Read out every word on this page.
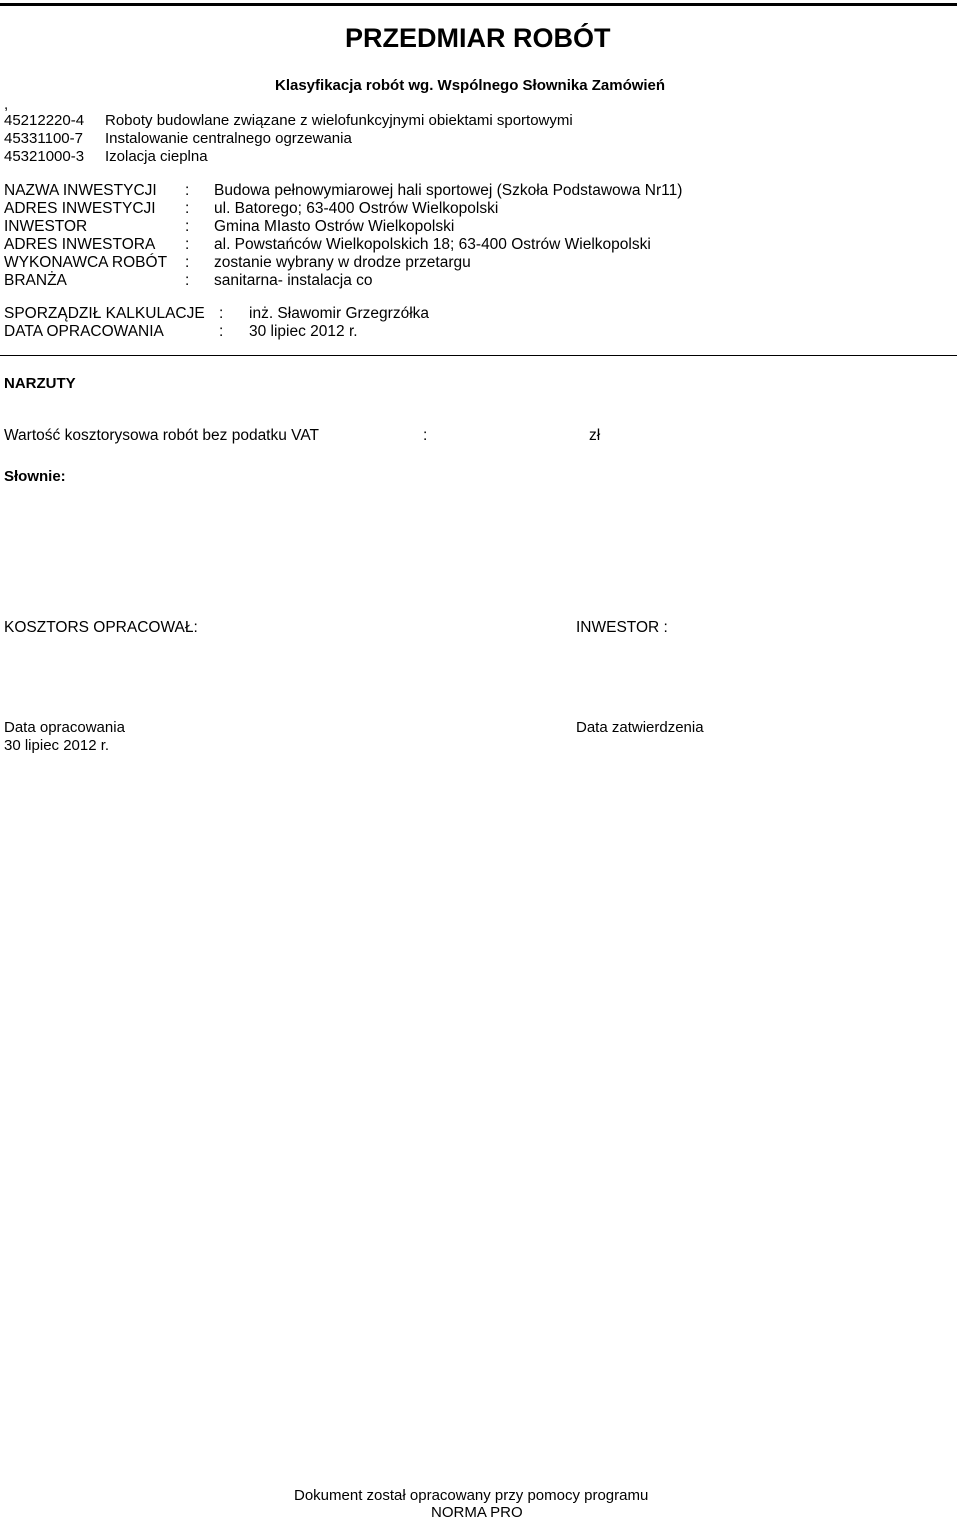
PRZEDMIAR ROBÓT
Klasyfikacja robót wg. Wspólnego Słownika Zamówień
,
45212220-4 Roboty budowlane związane z wielofunkcyjnymi obiektami sportowymi
45331100-7 Instalowanie centralnego ogrzewania
45321000-3 Izolacja cieplna
NAZWA INWESTYCJI : Budowa pełnowymiarowej hali sportowej (Szkoła Podstawowa Nr11)
ADRES INWESTYCJI : ul. Batorego; 63-400 Ostrów Wielkopolski
INWESTOR	: Gmina MIasto Ostrów Wielkopolski
ADRES INWESTORA : al. Powstańców Wielkopolskich 18; 63-400 Ostrów Wielkopolski
WYKONAWCA ROBÓT : zostanie wybrany w drodze przetargu
BRANŻA	: sanitarna- instalacja co
SPORZĄDZIŁ KALKULACJE : inż. Sławomir Grzegrzółka
DATA OPRACOWANIA	: 30 lipiec 2012 r.
NARZUTY
Wartość kosztorysowa robót bez podatku VAT	:	zł
Słownie:
KOSZTORS OPRACOWAŁ:	INWESTOR :
Data opracowania
30 lipiec 2012 r.
Data zatwierdzenia
Dokument został opracowany przy pomocy programu
NORMA PRO
